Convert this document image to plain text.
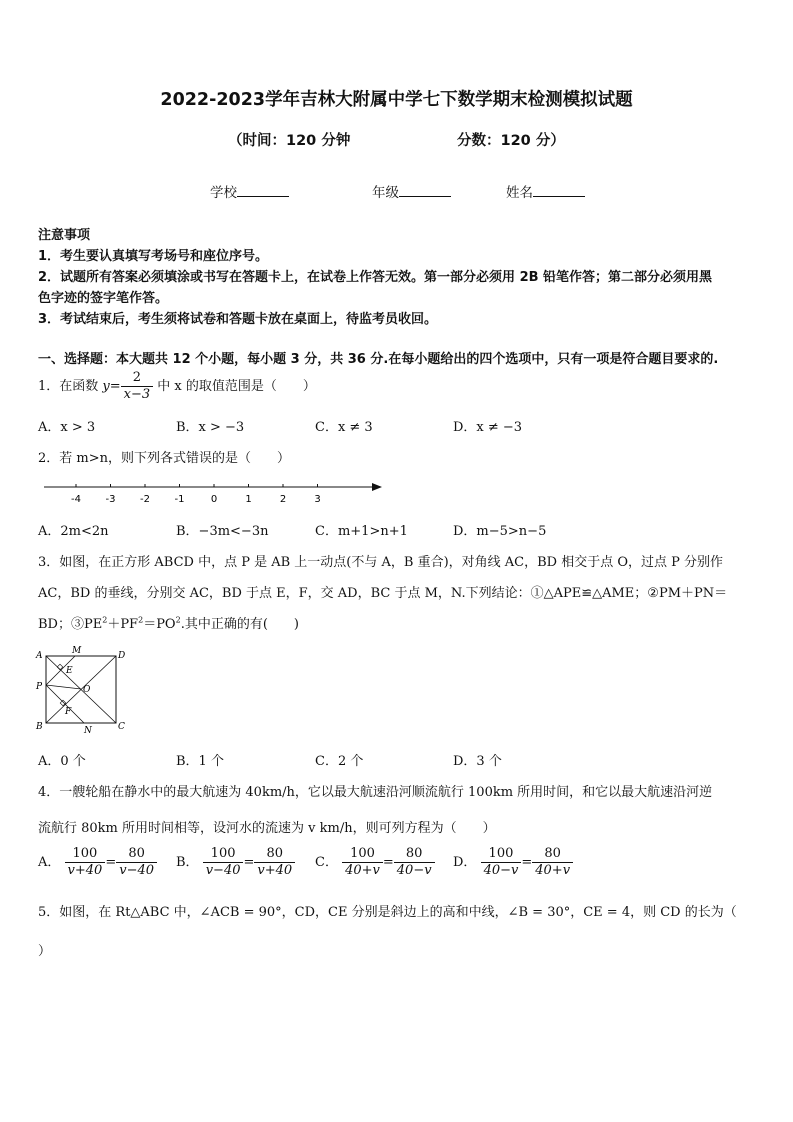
2022-2023学年吉林大附属中学七下数学期末检测模拟试题
（时间：120 分钟	分数：120 分）
学校	年级	姓名
注意事项
1．考生要认真填写考场号和座位序号。
2．试题所有答案必须填涂或书写在答题卡上，在试卷上作答无效。第一部分必须用 2B 铅笔作答；第二部分必须用黑
色字迹的签字笔作答。
3．考试结束后，考生须将试卷和答题卡放在桌面上，待监考员收回。
一、选择题：本大题共 12 个小题，每小题 3 分，共 36 分.在每小题给出的四个选项中，只有一项是符合题目要求的.
1．在函数 $y= \frac{2}{x-3}$ 中 x 的取值范围是（　　）
A．x > 3	B．x > −3	C．x ≠ 3	D．x ≠ −3
2．若 m>n，则下列各式错误的是（　　）
-4 -3 -2 -1	0	1	2	3
A．2m<2n	B．−3m<−3n	C．m+1>n+1	D．m−5>n−5
3．如图，在正方形 ABCD 中，点 P 是 AB 上一动点(不与 A，B 重合)，对角线 AC，BD 相交于点 O，过点 P 分别作
AC，BD 的垂线，分别交 AC，BD 于点 E，F，交 AD，BC 于点 M，N.下列结论：①△APE≌△AME；②PM＋PN＝
BD；$③PE^2+PF^2=PO^2$.其中正确的有(　　)
A	M	D
E
P	O
F
B	N	C
A．0 个	B．1 个	C．2 个	D．3 个
4．一艘轮船在静水中的最大航速为 40km/h，它以最大航速沿河顺流航行 100km 所用时间，和它以最大航速沿河逆
流航行 80km 所用时间相等，设河水的流速为 v km/h，则可列方程为（　　）
A． $\frac{100}{v+40} = \frac{80}{v-40}$ B． $\frac{100}{v-40} = \frac{80}{v+40}$ C． $\frac{100}{40+v} = \frac{80}{40-v}$ D． $\frac{100}{40-v} = \frac{80}{40+v}$
5．如图，在 Rt△ABC 中，∠ACB = 90°，CD，CE 分别是斜边上的高和中线，∠B = 30°，CE = 4，则 CD 的长为（
）
